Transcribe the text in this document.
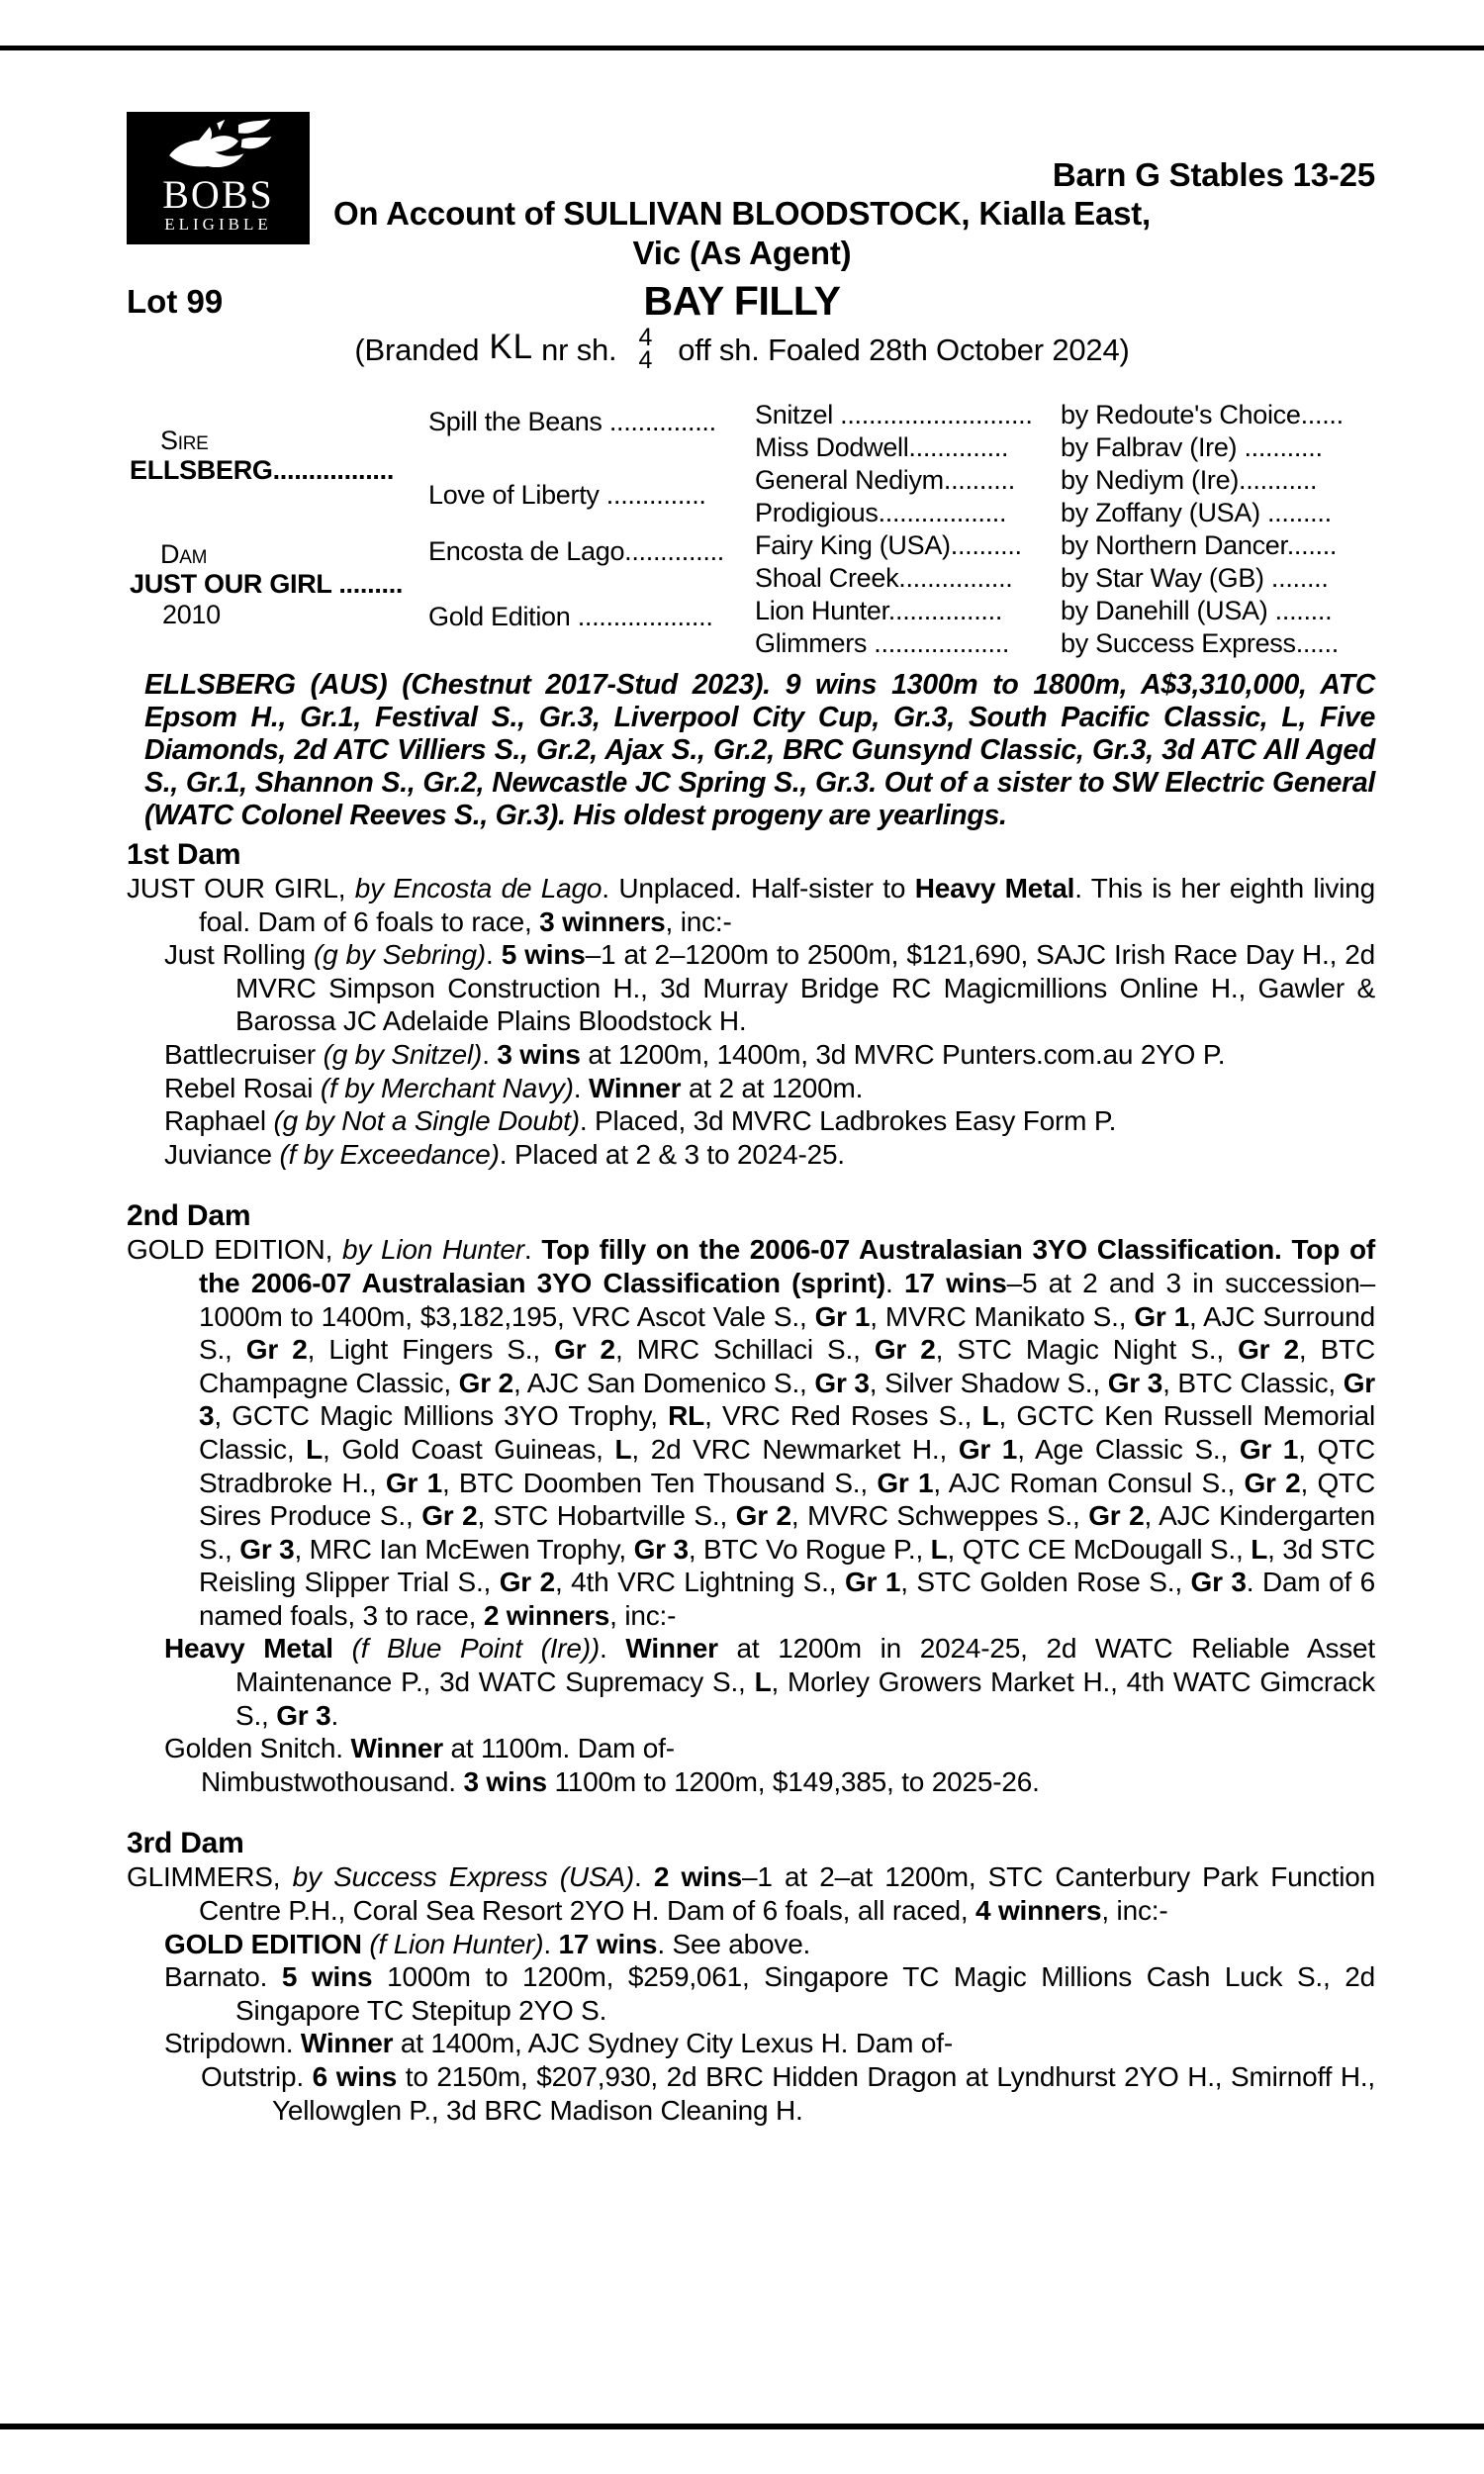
BOBS
ELIGIBLE
Barn G Stables 13-25
On Account of SULLIVAN BLOODSTOCK, Kialla East,
Vic (As Agent)
Lot 99	BAY FILLY
(Branded KL nr sh. 4
4 off sh. Foaled 28th October 2024)
Sire
ELLSBERG.................
Dam
JUST OUR GIRL .........
2010
Spill the Beans ...............
Love of Liberty ..............
Encosta de Lago..............
Gold Edition ...................
Snitzel ........................... by Redoute's Choice......
Miss Dodwell.............. by Falbrav (Ire) ...........
General Nediym.......... by Nediym (Ire)...........
Prodigious.................. by Zoffany (USA) .........
Fairy King (USA).......... by Northern Dancer.......
Shoal Creek................ by Star Way (GB) ........
Lion Hunter................ by Danehill (USA) ........
Glimmers ................... by Success Express......

ELLSBERG (AUS) (Chestnut 2017-Stud 2023). 9 wins 1300m to 1800m, A$3,310,000, ATC Epsom H., Gr.1, Festival S., Gr.3, Liverpool City Cup, Gr.3, South Pacific Classic, L, Five Diamonds, 2d ATC Villiers S., Gr.2, Ajax S., Gr.2, BRC Gunsynd Classic, Gr.3, 3d ATC All Aged S., Gr.1, Shannon S., Gr.2, Newcastle JC Spring S., Gr.3. Out of a sister to SW Electric General (WATC Colonel Reeves S., Gr.3). His oldest progeny are yearlings.

1st Dam

JUST OUR GIRL, by Encosta de Lago. Unplaced. Half-sister to Heavy Metal. This is her eighth living foal. Dam of 6 foals to race, 3 winners, inc:-

Just Rolling (g by Sebring). 5 wins–1 at 2–1200m to 2500m, $121,690, SAJC Irish Race Day H., 2d MVRC Simpson Construction H., 3d Murray Bridge RC Magicmillions Online H., Gawler & Barossa JC Adelaide Plains Bloodstock H.

Battlecruiser (g by Snitzel). 3 wins at 1200m, 1400m, 3d MVRC Punters.com.au 2YO P.

Rebel Rosai (f by Merchant Navy). Winner at 2 at 1200m.

Raphael (g by Not a Single Doubt). Placed, 3d MVRC Ladbrokes Easy Form P.

Juviance (f by Exceedance). Placed at 2 & 3 to 2024-25.

2nd Dam

GOLD EDITION, by Lion Hunter. Top filly on the 2006-07 Australasian 3YO Classification. Top of the 2006-07 Australasian 3YO Classification (sprint). 17 wins–5 at 2 and 3 in succession–1000m to 1400m, $3,182,195, VRC Ascot Vale S., Gr 1, MVRC Manikato S., Gr 1, AJC Surround S., Gr 2, Light Fingers S., Gr 2, MRC Schillaci S., Gr 2, STC Magic Night S., Gr 2, BTC Champagne Classic, Gr 2, AJC San Domenico S., Gr 3, Silver Shadow S., Gr 3, BTC Classic, Gr 3, GCTC Magic Millions 3YO Trophy, RL, VRC Red Roses S., L, GCTC Ken Russell Memorial Classic, L, Gold Coast Guineas, L, 2d VRC Newmarket H., Gr 1, Age Classic S., Gr 1, QTC Stradbroke H., Gr 1, BTC Doomben Ten Thousand S., Gr 1, AJC Roman Consul S., Gr 2, QTC Sires Produce S., Gr 2, STC Hobartville S., Gr 2, MVRC Schweppes S., Gr 2, AJC Kindergarten S., Gr 3, MRC Ian McEwen Trophy, Gr 3, BTC Vo Rogue P., L, QTC CE McDougall S., L, 3d STC Reisling Slipper Trial S., Gr 2, 4th VRC Lightning S., Gr 1, STC Golden Rose S., Gr 3. Dam of 6 named foals, 3 to race, 2 winners, inc:-

Heavy Metal (f Blue Point (Ire)). Winner at 1200m in 2024-25, 2d WATC Reliable Asset Maintenance P., 3d WATC Supremacy S., L, Morley Growers Market H., 4th WATC Gimcrack S., Gr 3.

Golden Snitch. Winner at 1100m. Dam of-

Nimbustwothousand. 3 wins 1100m to 1200m, $149,385, to 2025-26.

3rd Dam

GLIMMERS, by Success Express (USA). 2 wins–1 at 2–at 1200m, STC Canterbury Park Function Centre P.H., Coral Sea Resort 2YO H. Dam of 6 foals, all raced, 4 winners, inc:-

GOLD EDITION (f Lion Hunter). 17 wins. See above.

Barnato. 5 wins 1000m to 1200m, $259,061, Singapore TC Magic Millions Cash Luck S., 2d Singapore TC Stepitup 2YO S.

Stripdown. Winner at 1400m, AJC Sydney City Lexus H. Dam of-

Outstrip. 6 wins to 2150m, $207,930, 2d BRC Hidden Dragon at Lyndhurst 2YO H., Smirnoff H., Yellowglen P., 3d BRC Madison Cleaning H.
